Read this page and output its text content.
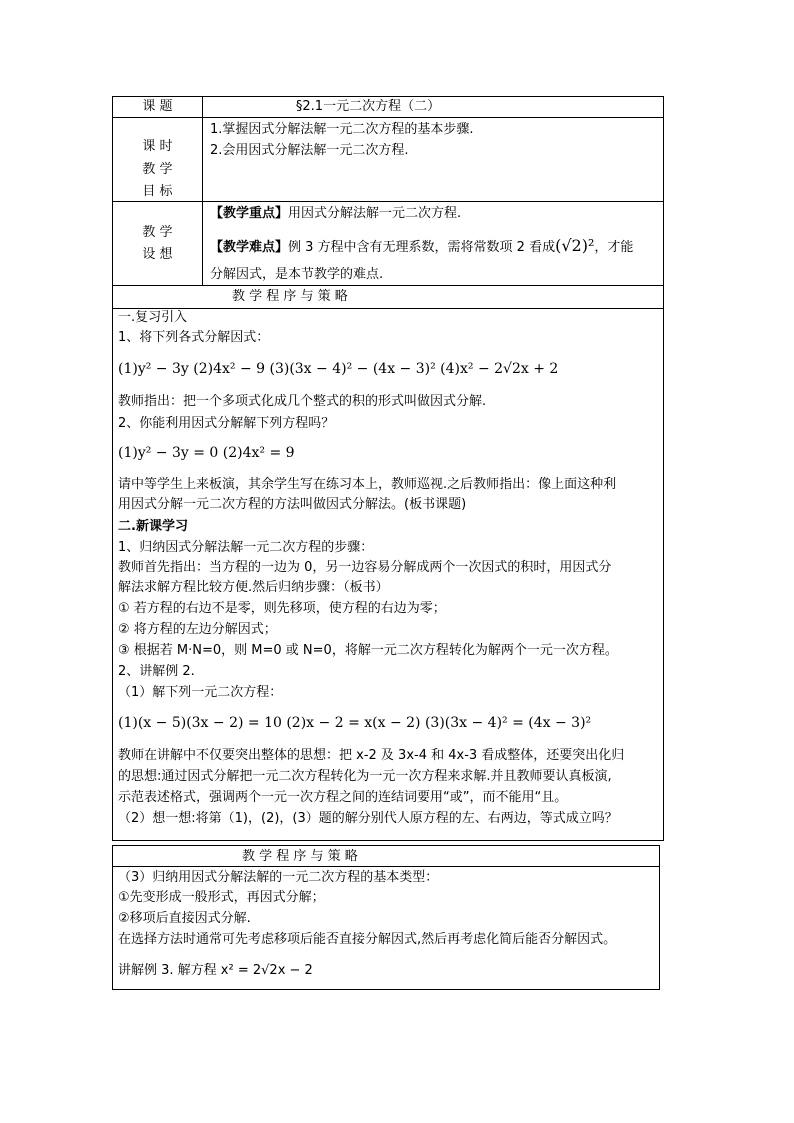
课 题	§2.1一元二次方程（二）
课 时
教 学
目 标
1.掌握因式分解法解一元二次方程的基本步骤.
2.会用因式分解法解一元二次方程.
教 学
设 想
【教学重点】用因式分解法解一元二次方程.
【教学难点】例 3 方程中含有无理系数，需将常数项 2 看成(√2)²，才能
分解因式，是本节教学的难点.
教 学 程 序 与 策 略
一.复习引入
1、将下列各式分解因式：
(1)y² − 3y (2)4x² − 9 (3)(3x − 4)² − (4x − 3)² (4)x² − 2√2x + 2
教师指出：把一个多项式化成几个整式的积的形式叫做因式分解.
2、你能利用因式分解解下列方程吗？
(1)y² − 3y = 0 (2)4x² = 9
请中等学生上来板演，其余学生写在练习本上，教师巡视.之后教师指出：像上面这种利
用因式分解一元二次方程的方法叫做因式分解法。(板书课题)
二.新课学习
1、归纳因式分解法解一元二次方程的步骤：
教师首先指出：当方程的一边为 0，另一边容易分解成两个一次因式的积时，用因式分
解法求解方程比较方便.然后归纳步骤：（板书）
① 若方程的右边不是零，则先移项，使方程的右边为零；
② 将方程的左边分解因式；
③ 根据若 M·N=0，则 M=0 或 N=0，将解一元二次方程转化为解两个一元一次方程。
2、讲解例 2.
（1）解下列一元二次方程：
(1)(x − 5)(3x − 2) = 10 (2)x − 2 = x(x − 2) (3)(3x − 4)² = (4x − 3)²
教师在讲解中不仅要突出整体的思想：把 x-2 及 3x-4 和 4x-3 看成整体，还要突出化归
的思想:通过因式分解把一元二次方程转化为一元一次方程来求解.并且教师要认真板演,
示范表述格式，强调两个一元一次方程之间的连结词要用“或”，而不能用“且。
（2）想一想:将第（1)，(2)，(3）题的解分别代人原方程的左、右两边，等式成立吗？
教 学 程 序 与 策 略
（3）归纳用因式分解法解的一元二次方程的基本类型：
①先变形成一般形式，再因式分解；
②移项后直接因式分解.
在选择方法时通常可先考虑移项后能否直接分解因式,然后再考虑化简后能否分解因式。
讲解例 3. 解方程 x² = 2√2x − 2
